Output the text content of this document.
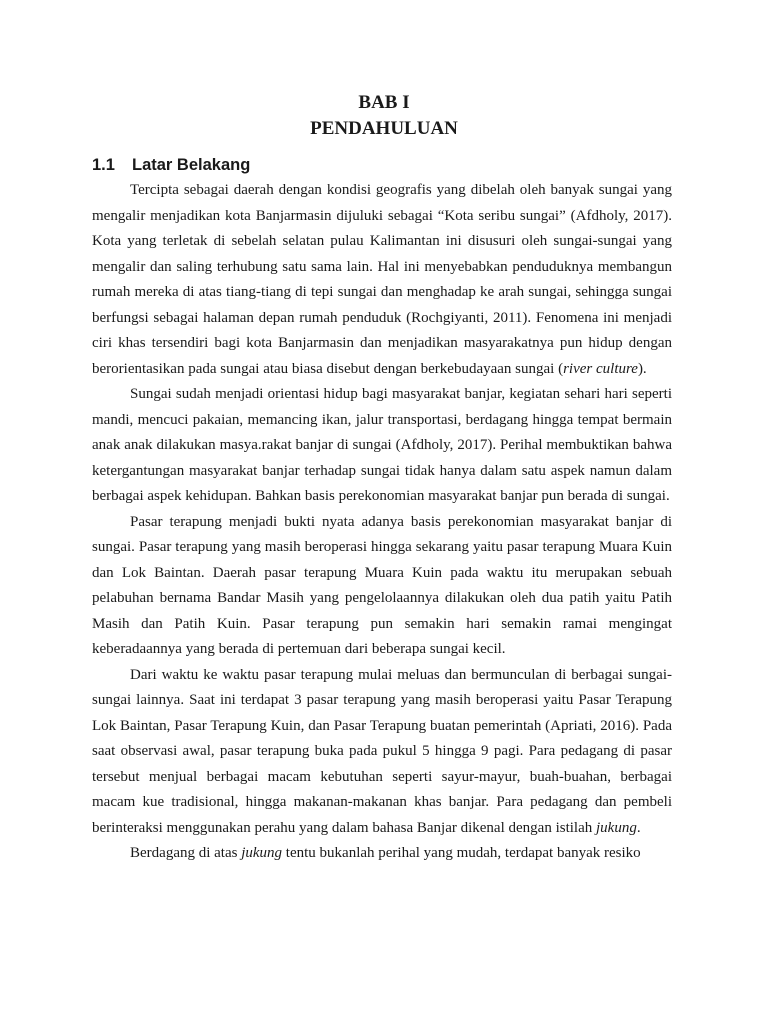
BAB I
PENDAHULUAN
1.1 Latar Belakang

Tercipta sebagai daerah dengan kondisi geografis yang dibelah oleh banyak sungai yang mengalir menjadikan kota Banjarmasin dijuluki sebagai “Kota seribu sungai” (Afdholy, 2017). Kota yang terletak di sebelah selatan pulau Kalimantan ini disusuri oleh sungai-sungai yang mengalir dan saling terhubung satu sama lain. Hal ini menyebabkan penduduknya membangun rumah mereka di atas tiang-tiang di tepi sungai dan menghadap ke arah sungai, sehingga sungai berfungsi sebagai halaman depan rumah penduduk (Rochgiyanti, 2011). Fenomena ini menjadi ciri khas tersendiri bagi kota Banjarmasin dan menjadikan masyarakatnya pun hidup dengan berorientasikan pada sungai atau biasa disebut dengan berkebudayaan sungai (river culture).

Sungai sudah menjadi orientasi hidup bagi masyarakat banjar, kegiatan sehari hari seperti mandi, mencuci pakaian, memancing ikan, jalur transportasi, berdagang hingga tempat bermain anak anak dilakukan masya.rakat banjar di sungai (Afdholy, 2017). Perihal membuktikan bahwa ketergantungan masyarakat banjar terhadap sungai tidak hanya dalam satu aspek namun dalam berbagai aspek kehidupan. Bahkan basis perekonomian masyarakat banjar pun berada di sungai.

Pasar terapung menjadi bukti nyata adanya basis perekonomian masyarakat banjar di sungai. Pasar terapung yang masih beroperasi hingga sekarang yaitu pasar terapung Muara Kuin dan Lok Baintan. Daerah pasar terapung Muara Kuin pada waktu itu merupakan sebuah pelabuhan bernama Bandar Masih yang pengelolaannya dilakukan oleh dua patih yaitu Patih Masih dan Patih Kuin. Pasar terapung pun semakin hari semakin ramai mengingat keberadaannya yang berada di pertemuan dari beberapa sungai kecil.

Dari waktu ke waktu pasar terapung mulai meluas dan bermunculan di berbagai sungai-sungai lainnya. Saat ini terdapat 3 pasar terapung yang masih beroperasi yaitu Pasar Terapung Lok Baintan, Pasar Terapung Kuin, dan Pasar Terapung buatan pemerintah (Apriati, 2016). Pada saat observasi awal, pasar terapung buka pada pukul 5 hingga 9 pagi. Para pedagang di pasar tersebut menjual berbagai macam kebutuhan seperti sayur-mayur, buah-buahan, berbagai macam kue tradisional, hingga makanan-makanan khas banjar. Para pedagang dan pembeli berinteraksi menggunakan perahu yang dalam bahasa Banjar dikenal dengan istilah jukung.

Berdagang di atas jukung tentu bukanlah perihal yang mudah, terdapat banyak resiko
